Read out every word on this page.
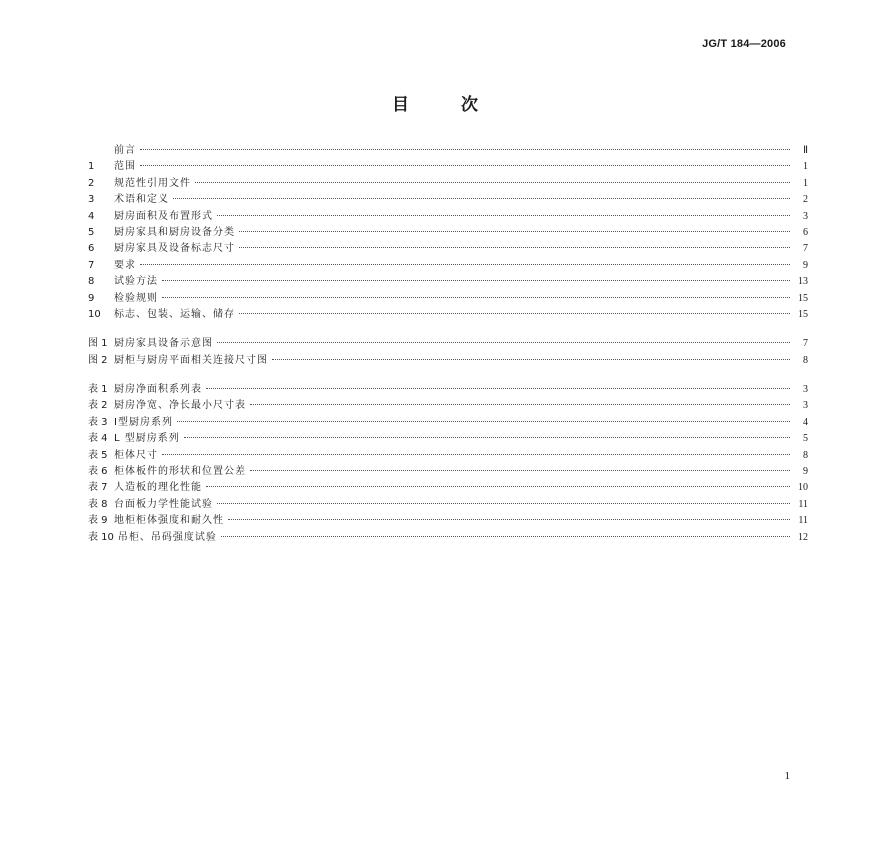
JG/T 184—2006
目	次
前言	Ⅱ
1	范围	1
2	规范性引用文件	1
3	术语和定义	2
4	厨房面积及布置形式	3
5	厨房家具和厨房设备分类	6
6	厨房家具及设备标志尺寸	7
7	要求	9
8	试验方法	13
9	检验规则	15
10	标志、包装、运输、储存	15
图 1 厨房家具设备示意图	7
图 2 厨柜与厨房平面相关连接尺寸图	8
表 1 厨房净面积系列表	3
表 2 厨房净宽、净长最小尺寸表	3
表 3 Ⅰ型厨房系列	4
表 4 L 型厨房系列	5
表 5 柜体尺寸	8
表 6 柜体板件的形状和位置公差	9
表 7 人造板的理化性能	10
表 8 台面板力学性能试验	11
表 9 地柜柜体强度和耐久性	11
表 10 吊柜、吊码强度试验	12
1
